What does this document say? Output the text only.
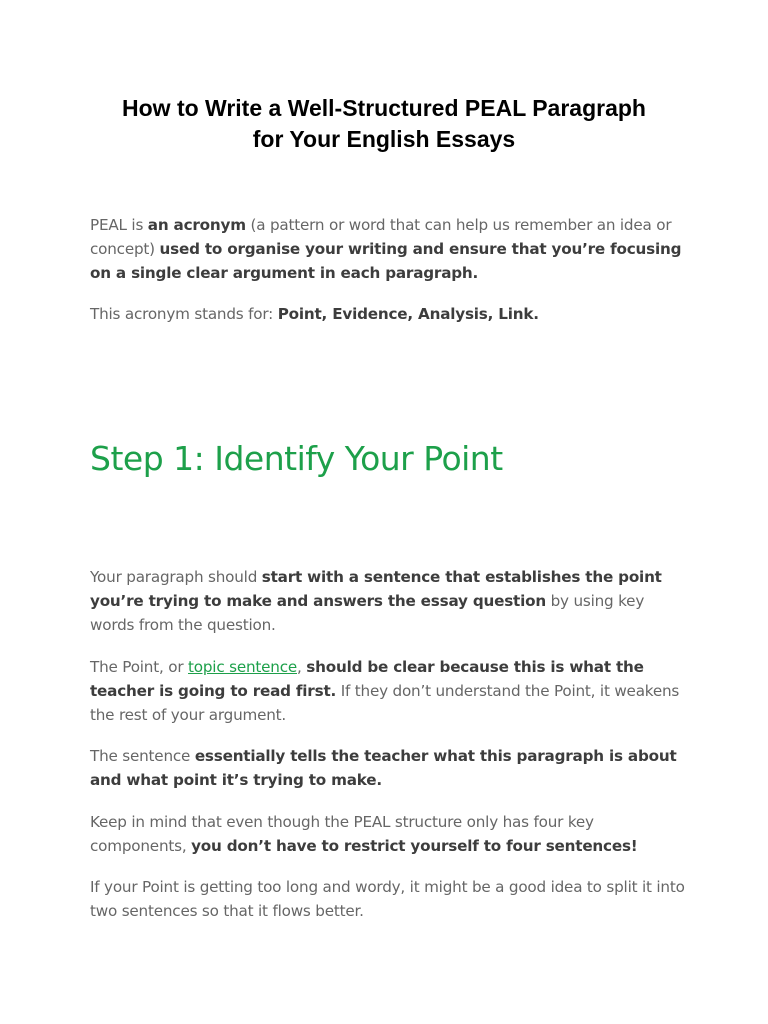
How to Write a Well-Structured PEAL Paragraph
for Your English Essays

PEAL is an acronym (a pattern or word that can help us remember an idea or concept) used to organise your writing and ensure that you’re focusing on a single clear argument in each paragraph.

This acronym stands for: Point, Evidence, Analysis, Link.

Step 1: Identify Your Point

Your paragraph should start with a sentence that establishes the point you’re trying to make and answers the essay question by using key words from the question.

The Point, or topic sentence, should be clear because this is what the teacher is going to read first. If they don’t understand the Point, it weakens the rest of your argument.

The sentence essentially tells the teacher what this paragraph is about and what point it’s trying to make.

Keep in mind that even though the PEAL structure only has four key components, you don’t have to restrict yourself to four sentences!

If your Point is getting too long and wordy, it might be a good idea to split it into two sentences so that it flows better.
